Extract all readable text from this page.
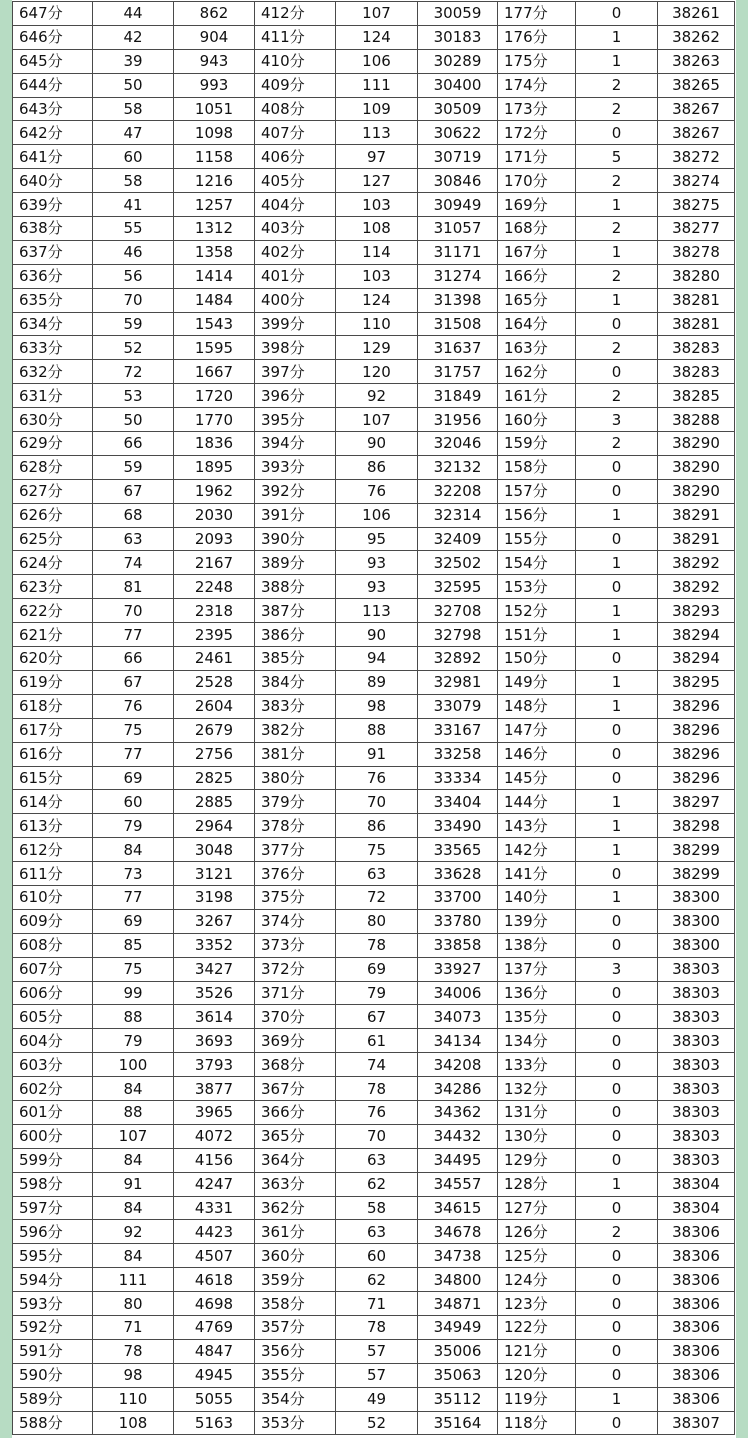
647分	44	862	412分	107	30059	177分	0	38261
646分	42	904	411分	124	30183	176分	1	38262
645分	39	943	410分	106	30289	175分	1	38263
644分	50	993	409分	111	30400	174分	2	38265
643分	58	1051	408分	109	30509	173分	2	38267
642分	47	1098	407分	113	30622	172分	0	38267
641分	60	1158	406分	97	30719	171分	5	38272
640分	58	1216	405分	127	30846	170分	2	38274
639分	41	1257	404分	103	30949	169分	1	38275
638分	55	1312	403分	108	31057	168分	2	38277
637分	46	1358	402分	114	31171	167分	1	38278
636分	56	1414	401分	103	31274	166分	2	38280
635分	70	1484	400分	124	31398	165分	1	38281
634分	59	1543	399分	110	31508	164分	0	38281
633分	52	1595	398分	129	31637	163分	2	38283
632分	72	1667	397分	120	31757	162分	0	38283
631分	53	1720	396分	92	31849	161分	2	38285
630分	50	1770	395分	107	31956	160分	3	38288
629分	66	1836	394分	90	32046	159分	2	38290
628分	59	1895	393分	86	32132	158分	0	38290
627分	67	1962	392分	76	32208	157分	0	38290
626分	68	2030	391分	106	32314	156分	1	38291
625分	63	2093	390分	95	32409	155分	0	38291
624分	74	2167	389分	93	32502	154分	1	38292
623分	81	2248	388分	93	32595	153分	0	38292
622分	70	2318	387分	113	32708	152分	1	38293
621分	77	2395	386分	90	32798	151分	1	38294
620分	66	2461	385分	94	32892	150分	0	38294
619分	67	2528	384分	89	32981	149分	1	38295
618分	76	2604	383分	98	33079	148分	1	38296
617分	75	2679	382分	88	33167	147分	0	38296
616分	77	2756	381分	91	33258	146分	0	38296
615分	69	2825	380分	76	33334	145分	0	38296
614分	60	2885	379分	70	33404	144分	1	38297
613分	79	2964	378分	86	33490	143分	1	38298
612分	84	3048	377分	75	33565	142分	1	38299
611分	73	3121	376分	63	33628	141分	0	38299
610分	77	3198	375分	72	33700	140分	1	38300
609分	69	3267	374分	80	33780	139分	0	38300
608分	85	3352	373分	78	33858	138分	0	38300
607分	75	3427	372分	69	33927	137分	3	38303
606分	99	3526	371分	79	34006	136分	0	38303
605分	88	3614	370分	67	34073	135分	0	38303
604分	79	3693	369分	61	34134	134分	0	38303
603分	100	3793	368分	74	34208	133分	0	38303
602分	84	3877	367分	78	34286	132分	0	38303
601分	88	3965	366分	76	34362	131分	0	38303
600分	107	4072	365分	70	34432	130分	0	38303
599分	84	4156	364分	63	34495	129分	0	38303
598分	91	4247	363分	62	34557	128分	1	38304
597分	84	4331	362分	58	34615	127分	0	38304
596分	92	4423	361分	63	34678	126分	2	38306
595分	84	4507	360分	60	34738	125分	0	38306
594分	111	4618	359分	62	34800	124分	0	38306
593分	80	4698	358分	71	34871	123分	0	38306
592分	71	4769	357分	78	34949	122分	0	38306
591分	78	4847	356分	57	35006	121分	0	38306
590分	98	4945	355分	57	35063	120分	0	38306
589分	110	5055	354分	49	35112	119分	1	38306
588分	108	5163	353分	52	35164	118分	0	38307
